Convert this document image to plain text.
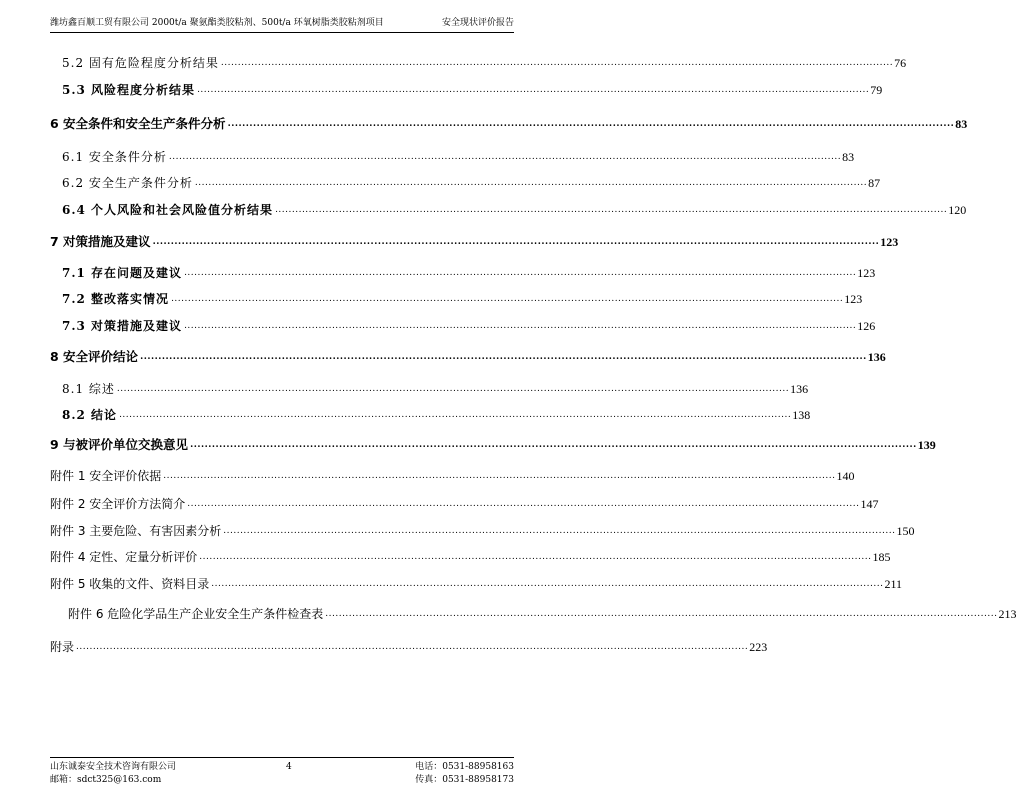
潍坊鑫百顺工贸有限公司 2000t/a 聚氨酯类胶粘剂、500t/a 环氧树脂类胶粘剂项目	安全现状评价报告
5.2 固有危险程度分析结果 ........................................................................................................................................................................................................ 76
5.3 风险程度分析结果 ........................................................................................................................................................................................................ 79
6 安全条件和安全生产条件分析 ........................................................................................................................................................................................................ 83
6.1 安全条件分析 ........................................................................................................................................................................................................ 83
6.2 安全生产条件分析 ........................................................................................................................................................................................................ 87
6.4 个人风险和社会风险值分析结果 ........................................................................................................................................................................................................ 120
7 对策措施及建议 ........................................................................................................................................................................................................ 123
7.1 存在问题及建议 ........................................................................................................................................................................................................ 123
7.2 整改落实情况 ........................................................................................................................................................................................................ 123
7.3 对策措施及建议 ........................................................................................................................................................................................................ 126
8 安全评价结论 ........................................................................................................................................................................................................ 136
8.1 综述 ........................................................................................................................................................................................................ 136
8.2 结论 ........................................................................................................................................................................................................ 138
9 与被评价单位交换意见 ........................................................................................................................................................................................................ 139
附件 1 安全评价依据 ........................................................................................................................................................................................................ 140
附件 2 安全评价方法简介 ........................................................................................................................................................................................................ 147
附件 3 主要危险、有害因素分析 ........................................................................................................................................................................................................ 150
附件 4 定性、定量分析评价 ........................................................................................................................................................................................................ 185
附件 5 收集的文件、资料目录 ........................................................................................................................................................................................................ 211
附件 6 危险化学品生产企业安全生产条件检查表 ........................................................................................................................................................................................................ 213
附录 ........................................................................................................................................................................................................ 223
山东诚泰安全技术咨询有限公司
邮箱：sdct325@163.com
4	电话：0531-88958163
传真：0531-88958173
